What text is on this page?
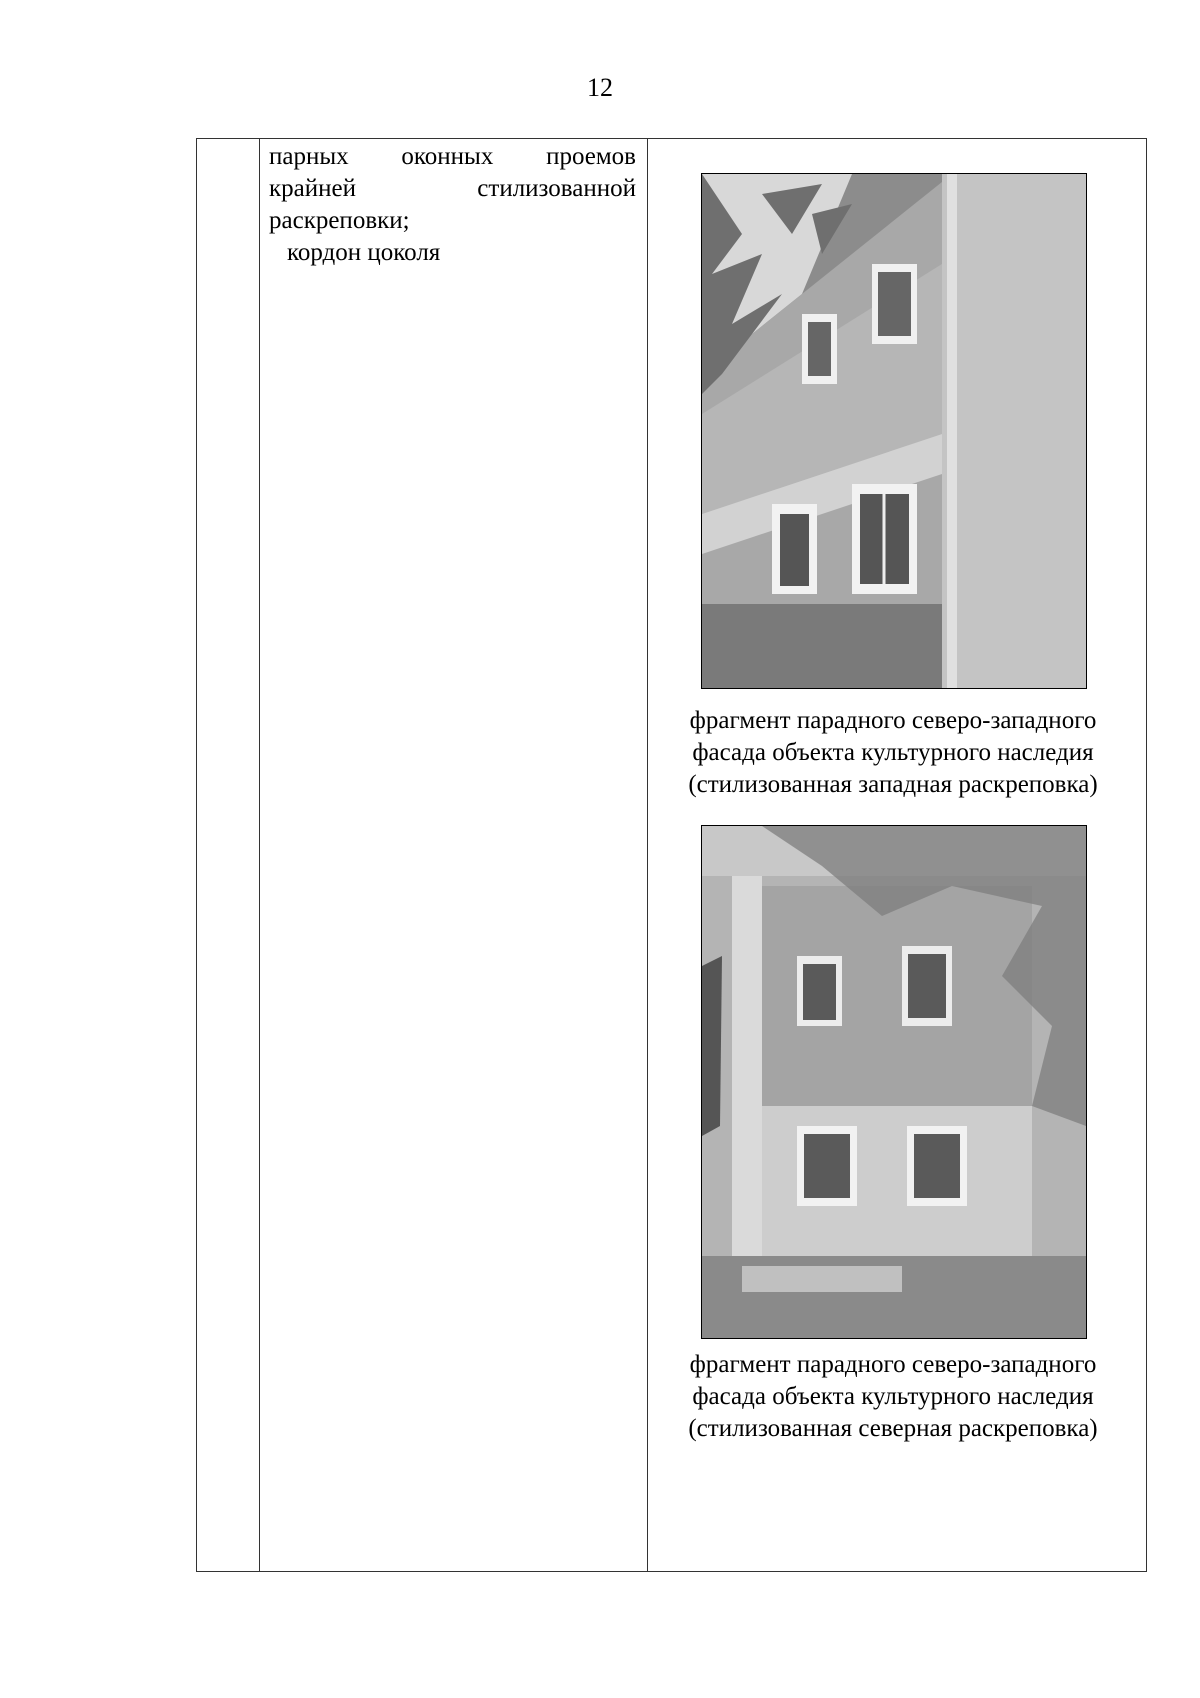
12
парных оконных проемов
крайней стилизованной
раскреповки;
кордон цоколя
фрагмент парадного северо-западного
фасада объекта культурного наследия
(стилизованная западная раскреповка)
фрагмент парадного северо-западного
фасада объекта культурного наследия
(стилизованная северная раскреповка)
